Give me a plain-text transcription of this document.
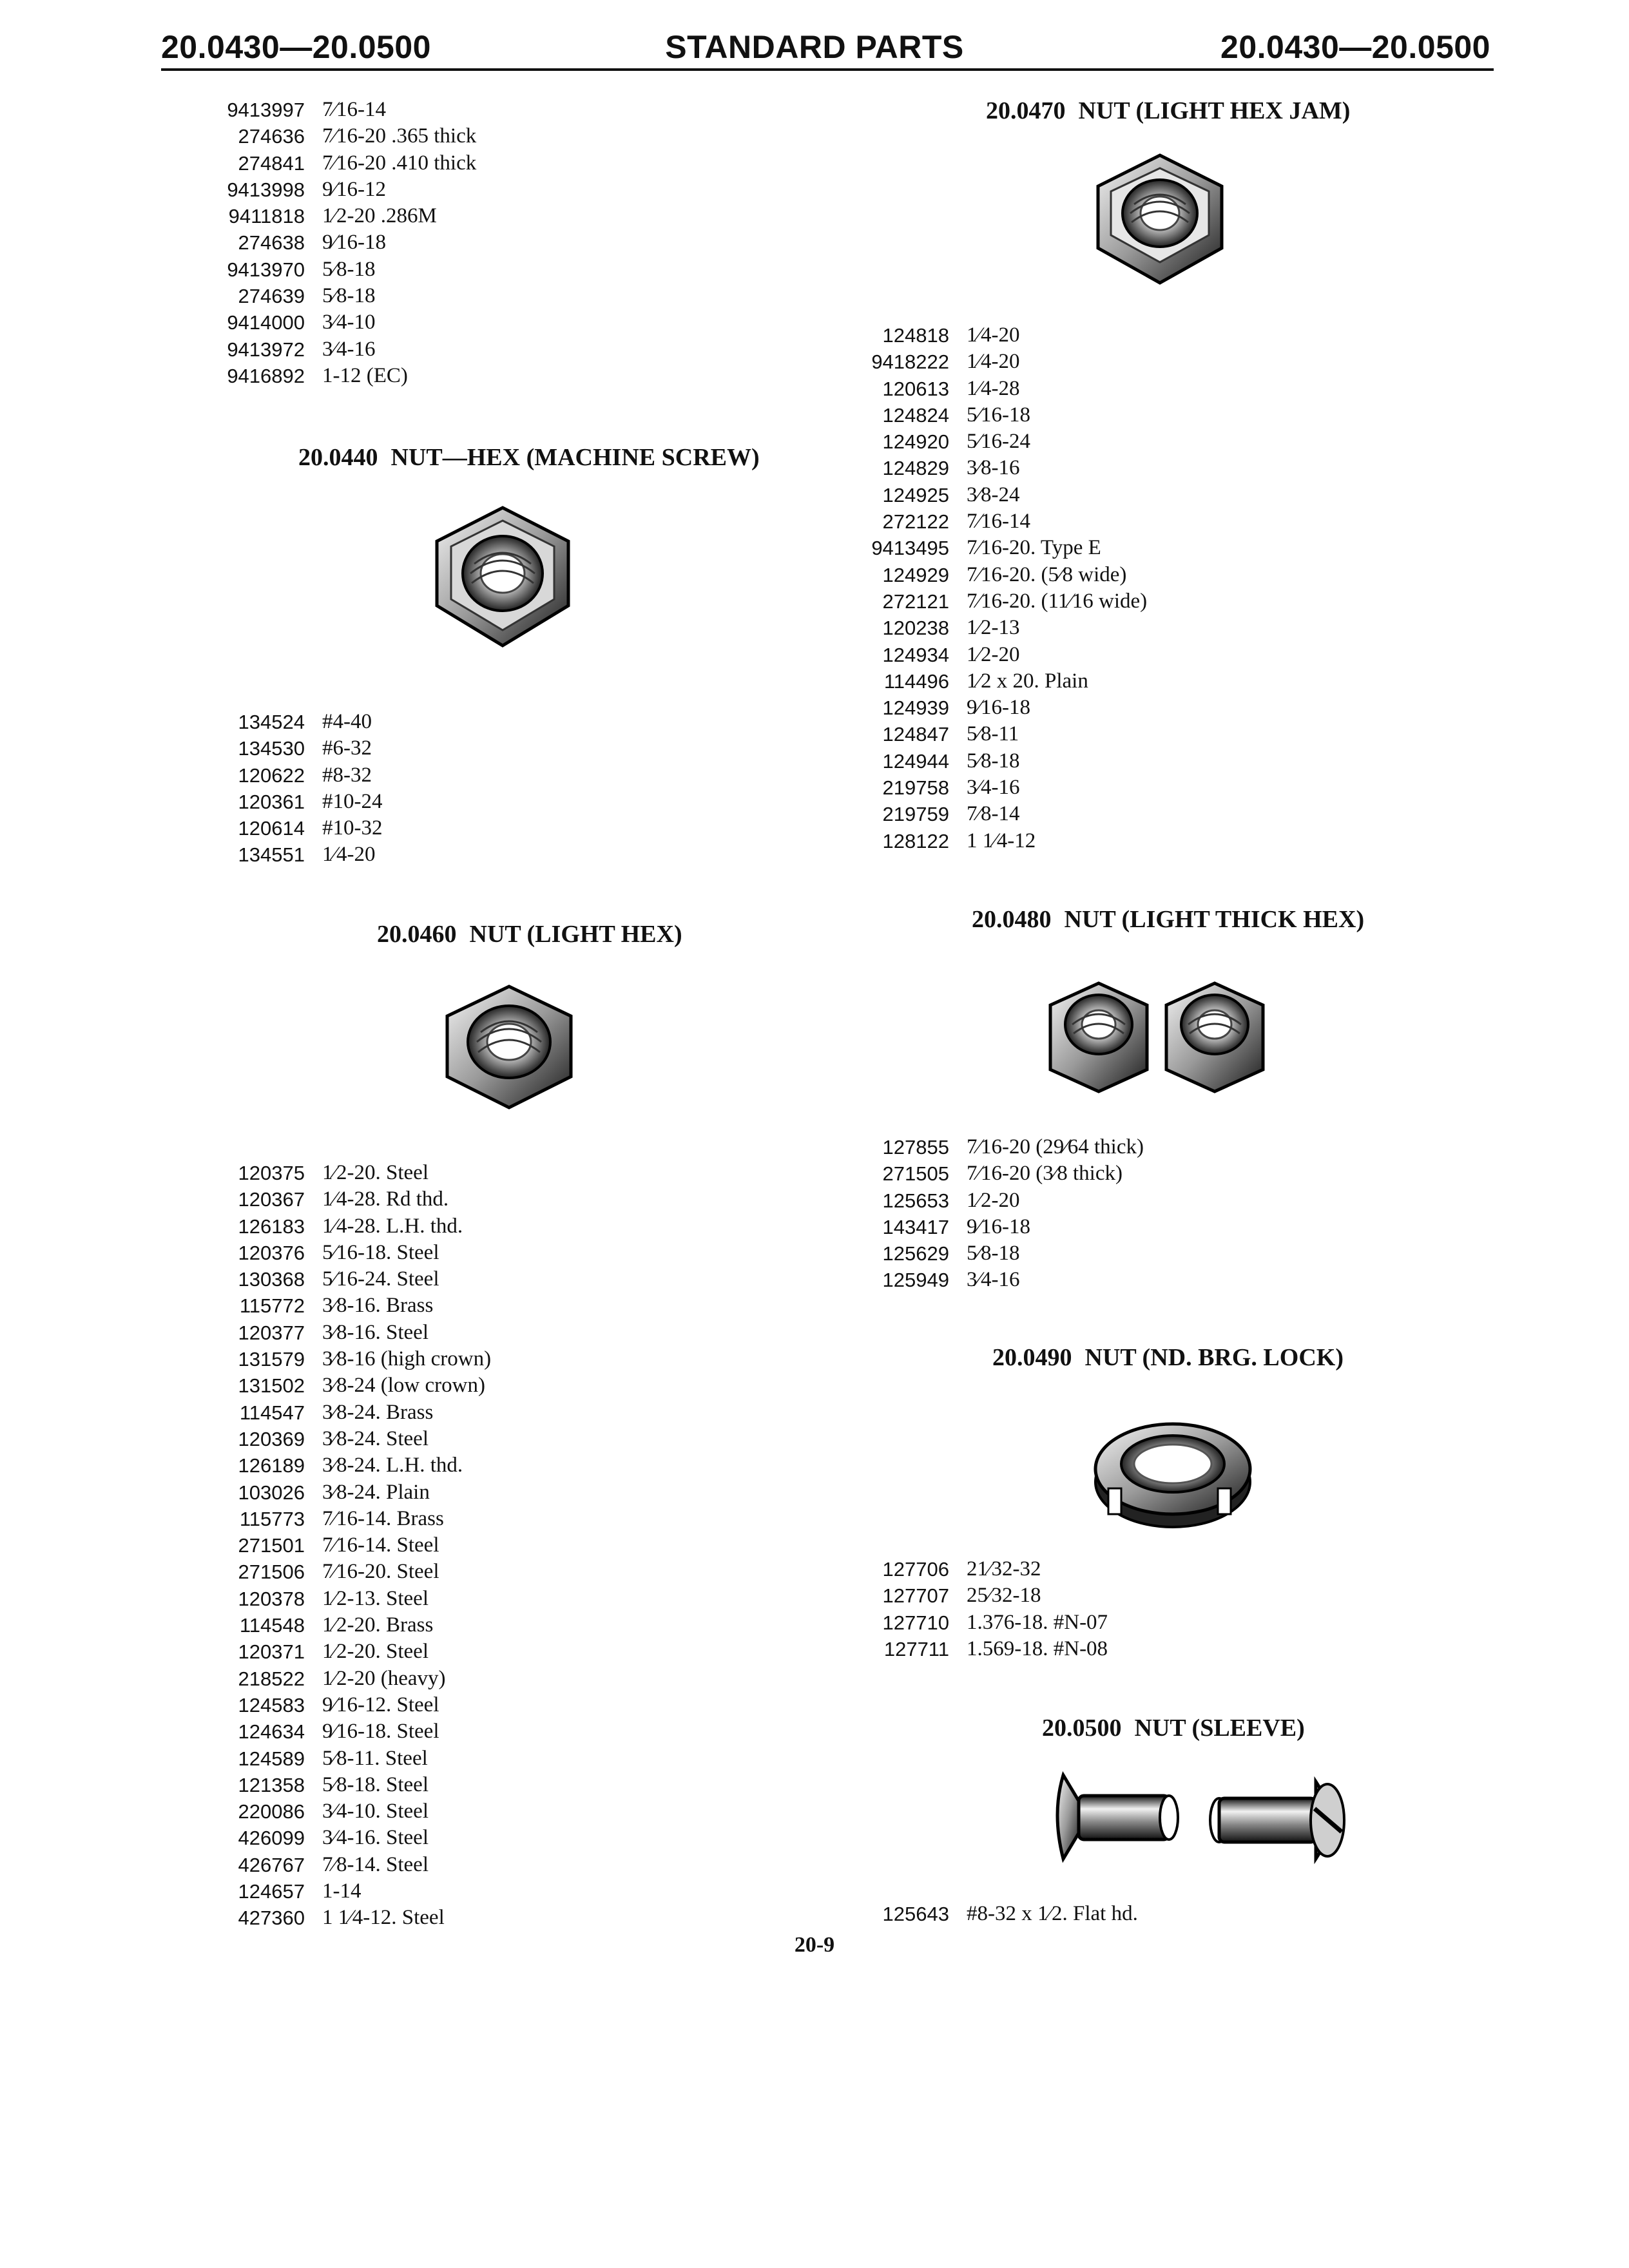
20.0430—20.0500	STANDARD PARTS	20.0430—20.0500
9413997 7⁄16-14
274636 7⁄16-20 .365 thick
274841 7⁄16-20 .410 thick
9413998 9⁄16-12
9411818 1⁄2-20 .286M
274638 9⁄16-18
9413970 5⁄8-18
274639 5⁄8-18
9414000 3⁄4-10
9413972 3⁄4-16
9416892 1-12 (EC)
20.0440 NUT—HEX (MACHINE SCREW)
134524 #4-40
134530 #6-32
120622 #8-32
120361 #10-24
120614 #10-32
134551 1⁄4-20
20.0460 NUT (LIGHT HEX)
120375 1⁄2-20. Steel
120367 1⁄4-28. Rd thd.
126183 1⁄4-28. L.H. thd.
120376 5⁄16-18. Steel
130368 5⁄16-24. Steel
115772 3⁄8-16. Brass
120377 3⁄8-16. Steel
131579 3⁄8-16 (high crown)
131502 3⁄8-24 (low crown)
114547 3⁄8-24. Brass
120369 3⁄8-24. Steel
126189 3⁄8-24. L.H. thd.
103026 3⁄8-24. Plain
115773 7⁄16-14. Brass
271501 7⁄16-14. Steel
271506 7⁄16-20. Steel
120378 1⁄2-13. Steel
114548 1⁄2-20. Brass
120371 1⁄2-20. Steel
218522 1⁄2-20 (heavy)
124583 9⁄16-12. Steel
124634 9⁄16-18. Steel
124589 5⁄8-11. Steel
121358 5⁄8-18. Steel
220086 3⁄4-10. Steel
426099 3⁄4-16. Steel
426767 7⁄8-14. Steel
124657 1-14
427360 1 1⁄4-12. Steel
20.0470 NUT (LIGHT HEX JAM)
124818 1⁄4-20
9418222 1⁄4-20
120613 1⁄4-28
124824 5⁄16-18
124920 5⁄16-24
124829 3⁄8-16
124925 3⁄8-24
272122 7⁄16-14
9413495 7⁄16-20. Type E
124929 7⁄16-20. (5⁄8 wide)
272121 7⁄16-20. (11⁄16 wide)
120238 1⁄2-13
124934 1⁄2-20
114496 1⁄2 x 20. Plain
124939 9⁄16-18
124847 5⁄8-11
124944 5⁄8-18
219758 3⁄4-16
219759 7⁄8-14
128122 1 1⁄4-12
20.0480 NUT (LIGHT THICK HEX)
127855 7⁄16-20 (29⁄64 thick)
271505 7⁄16-20 (3⁄8 thick)
125653 1⁄2-20
143417 9⁄16-18
125629 5⁄8-18
125949 3⁄4-16
20.0490 NUT (ND. BRG. LOCK)
127706 21⁄32-32
127707 25⁄32-18
127710 1.376-18. #N-07
127711 1.569-18. #N-08
20.0500 NUT (SLEEVE)
125643 #8-32 x 1⁄2. Flat hd.
20-9
